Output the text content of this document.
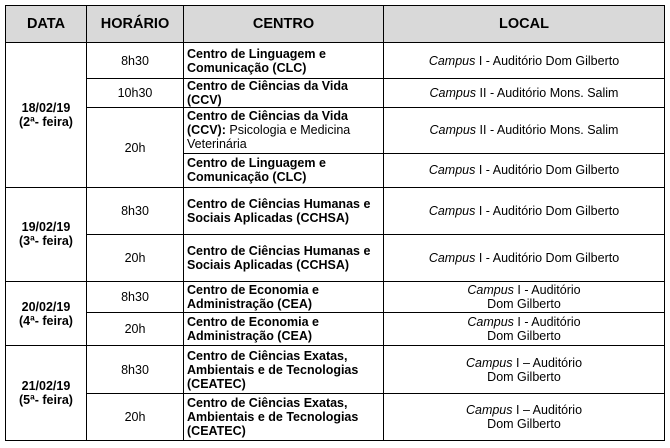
DATA	HORÁRIO	CENTRO	LOCAL

18/02/19
(2ª- feira)	8h30	Centro de Linguagem e Comunicação (CLC)	Campus I - Auditório Dom Gilberto
	10h30	Centro de Ciências da Vida (CCV)	Campus II - Auditório Mons. Salim
	20h	Centro de Ciências da Vida (CCV): Psicologia e Medicina Veterinária	Campus II - Auditório Mons. Salim
		Centro de Linguagem e Comunicação (CLC)	Campus I - Auditório Dom Gilberto

19/02/19
(3ª- feira)	8h30	Centro de Ciências Humanas e Sociais Aplicadas (CCHSA)	Campus I - Auditório Dom Gilberto
	20h	Centro de Ciências Humanas e Sociais Aplicadas (CCHSA)	Campus I - Auditório Dom Gilberto

20/02/19
(4ª- feira)	8h30	Centro de Economia e Administração (CEA)	Campus I - Auditório
Dom Gilberto

	20h	Centro de Economia e Administração (CEA)	Campus I - Auditório
Dom Gilberto

21/02/19
(5ª- feira)	8h30	Centro de Ciências Exatas, Ambientais e de Tecnologias (CEATEC)	Campus I – Auditório
Dom Gilberto

	20h	Centro de Ciências Exatas, Ambientais e de Tecnologias (CEATEC)	Campus I – Auditório
Dom Gilberto
